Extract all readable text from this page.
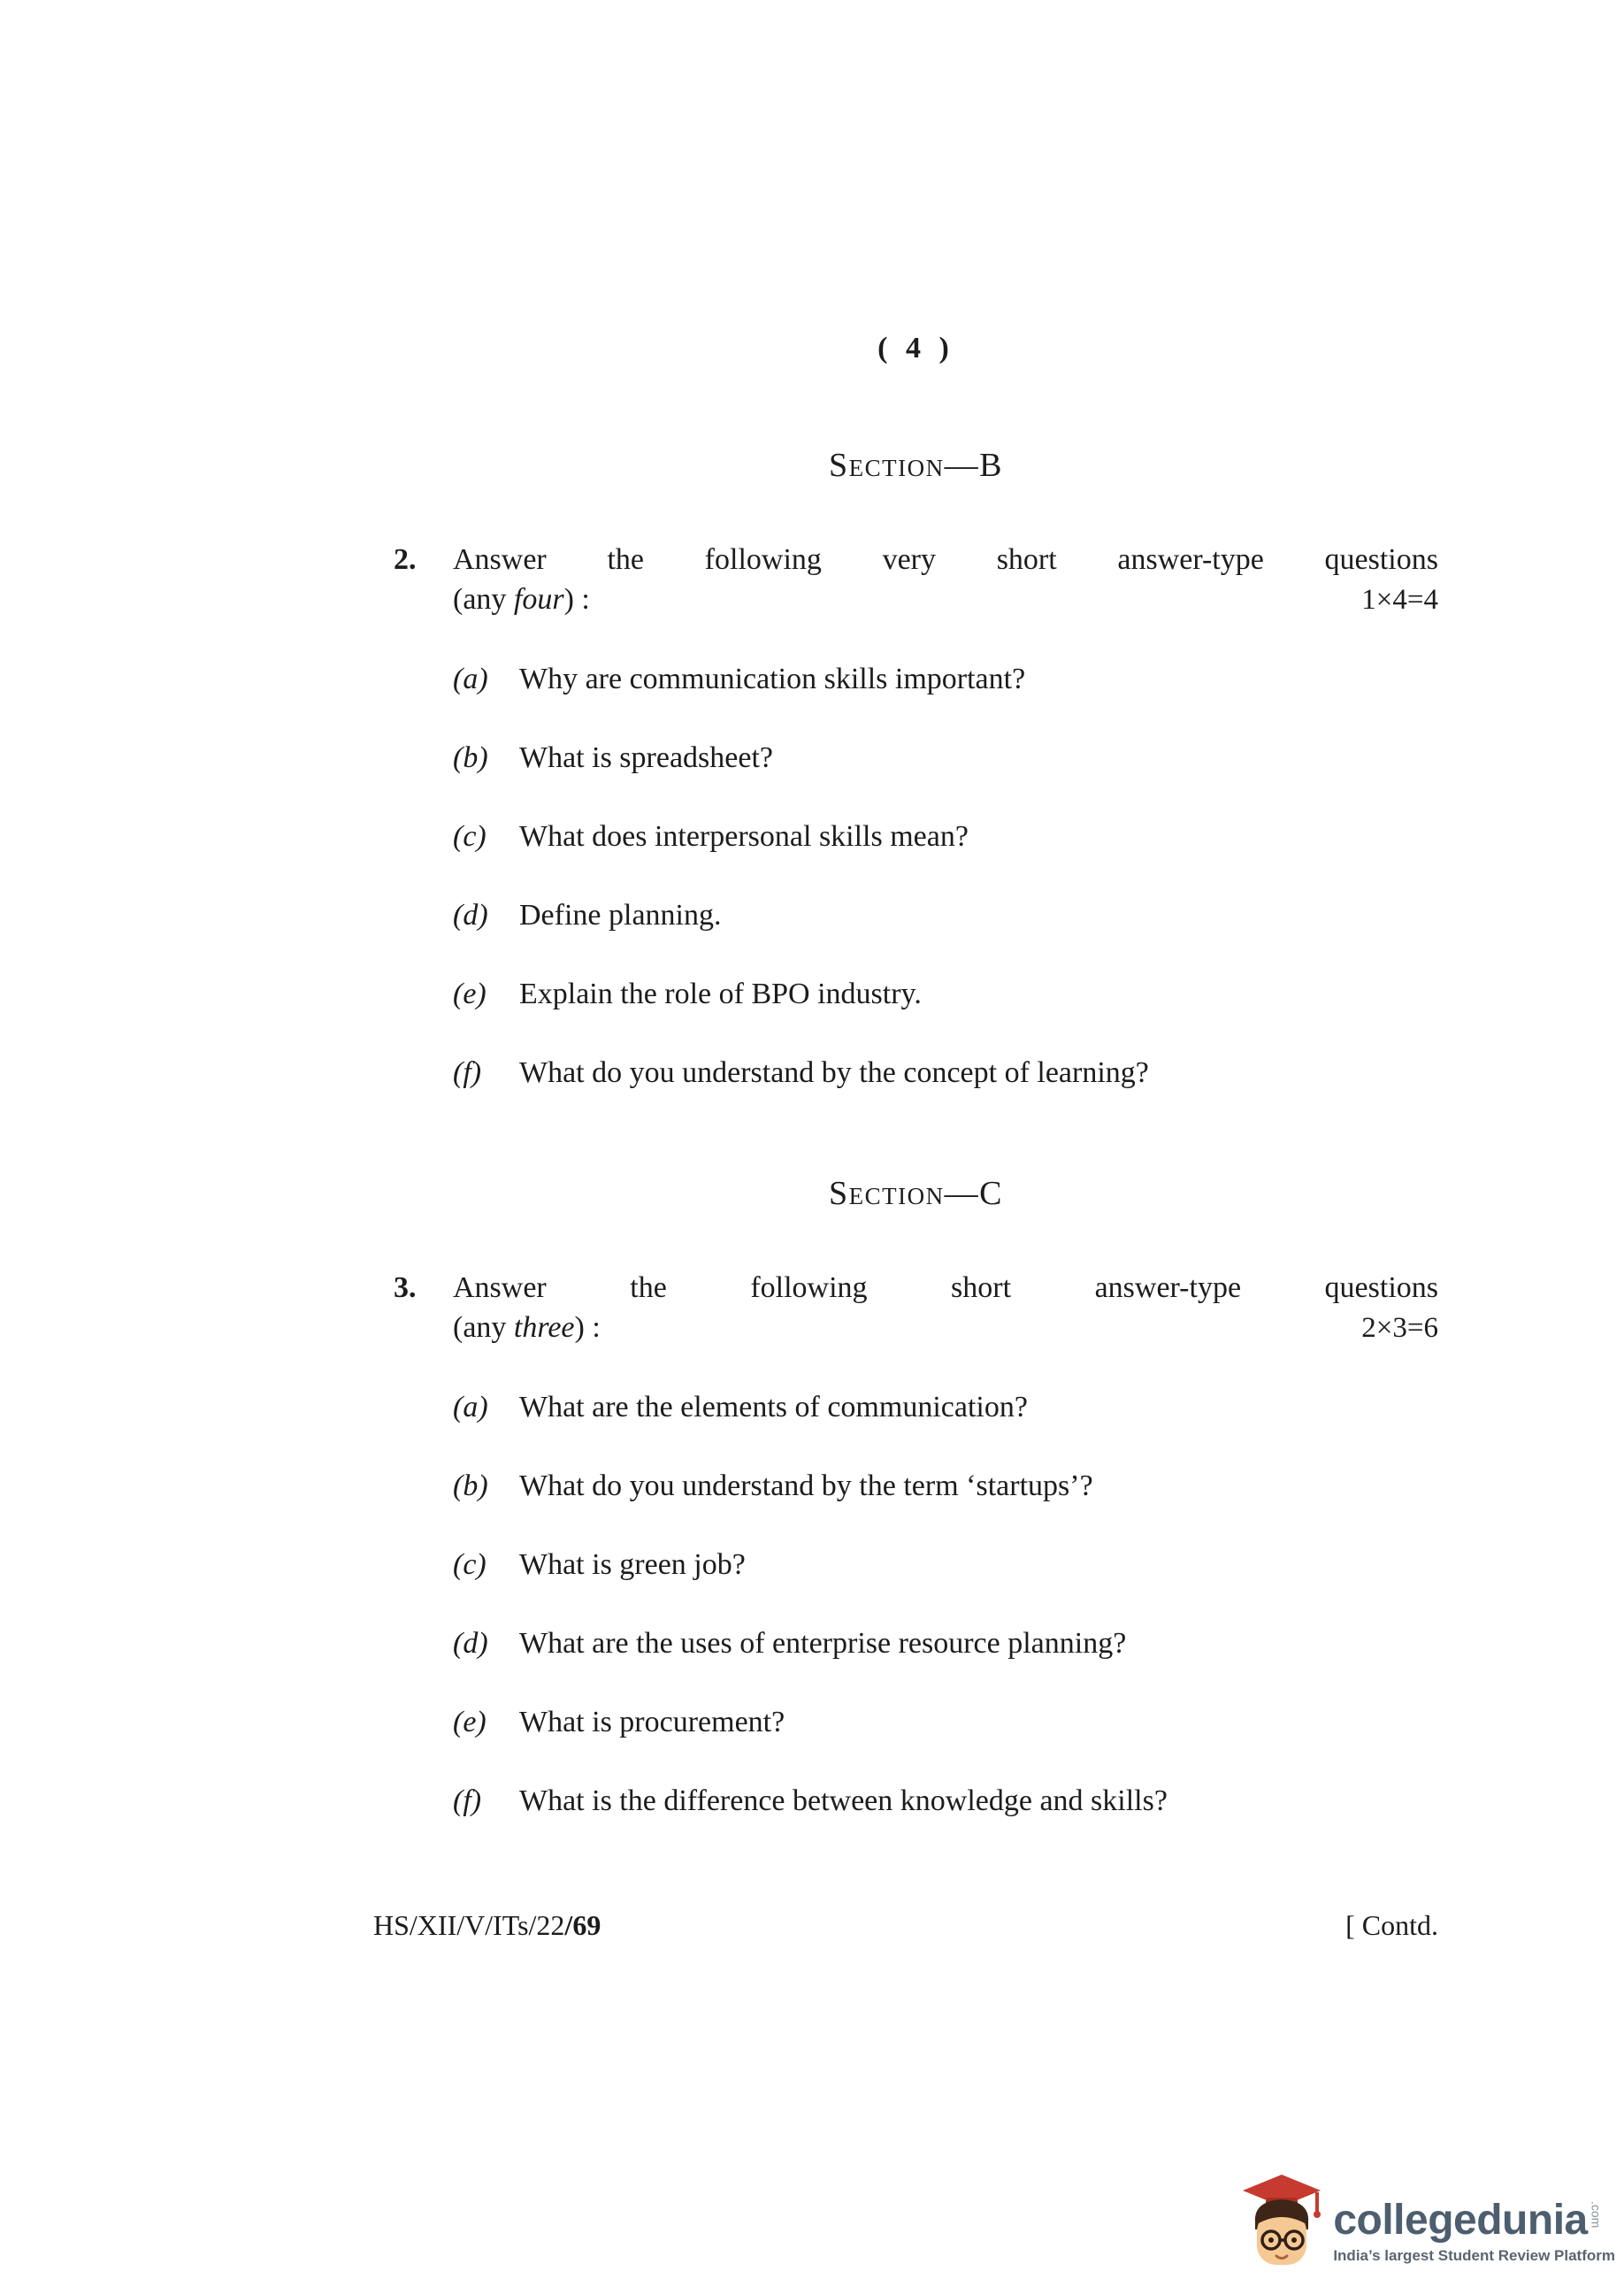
( 4 )
Section—B
2.	Answer the following very short answer-type questions
(any four) :	1×4=4
(a)	Why are communication skills important?
(b)	What is spreadsheet?
(c)	What does interpersonal skills mean?
(d)	Define planning.
(e)	Explain the role of BPO industry.
(f)	What do you understand by the concept of learning?
Section—C
3.	Answer the following short answer-type questions
(any three) :	2×3=6
(a)	What are the elements of communication?
(b)	What do you understand by the term ‘startups’?
(c)	What is green job?
(d)	What are the uses of enterprise resource planning?
(e)	What is procurement?
(f)	What is the difference between knowledge and skills?
HS/XII/V/ITs/22/69	[ Contd.
collegedunia .com
India’s largest Student Review Platform
